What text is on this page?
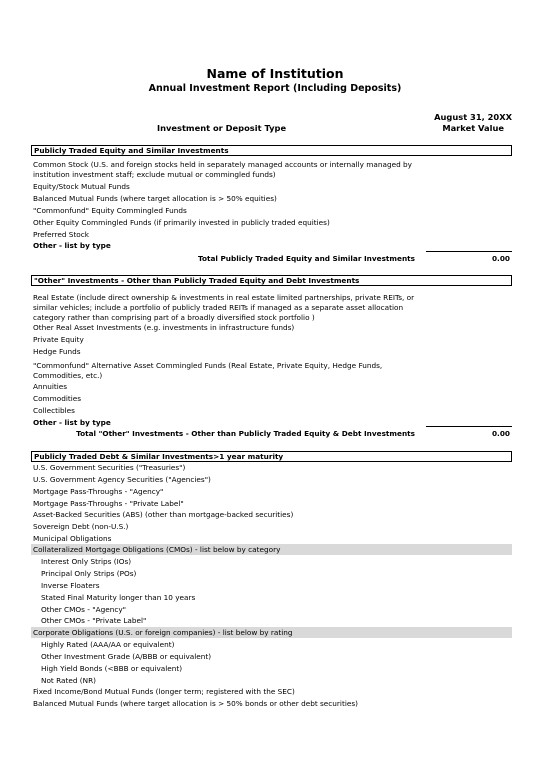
Name of Institution
Annual Investment Report (Including Deposits)
August 31, 20XX
Investment or Deposit Type	Market Value
Publicly Traded Equity and Similar Investments
Common Stock (U.S. and foreign stocks held in separately managed accounts or internally managed by institution investment staff; exclude mutual or commingled funds)
Equity/Stock Mutual Funds
Balanced Mutual Funds (where target allocation is > 50% equities)
"Commonfund" Equity Commingled Funds
Other Equity Commingled Funds (if primarily invested in publicly traded equities)
Preferred Stock
Other - list by type
Total Publicly Traded Equity and Similar Investments	0.00
"Other" Investments - Other than Publicly Traded Equity and Debt Investments
Real Estate (include direct ownership & investments in real estate limited partnerships, private REITs, or similar vehicles; include a portfolio of publicly traded REITs if managed as a separate asset allocation category rather than comprising part of a broadly diversified stock portfolio )
Other Real Asset Investments (e.g. investments in infrastructure funds)
Private Equity
Hedge Funds
"Commonfund" Alternative Asset Commingled Funds (Real Estate, Private Equity, Hedge Funds, Commodities, etc.)
Annuities
Commodities
Collectibles
Other - list by type
Total "Other" Investments - Other than Publicly Traded Equity & Debt Investments	0.00
Publicly Traded Debt & Similar Investments>1 year maturity
U.S. Government Securities ("Treasuries")
U.S. Government Agency Securities ("Agencies")
Mortgage Pass-Throughs - "Agency"
Mortgage Pass-Throughs - "Private Label"
Asset-Backed Securities (ABS) (other than mortgage-backed securities)
Sovereign Debt (non-U.S.)
Municipal Obligations
Collateralized Mortgage Obligations (CMOs) - list below by category
Interest Only Strips (IOs)
Principal Only Strips (POs)
Inverse Floaters
Stated Final Maturity longer than 10 years
Other CMOs - "Agency"
Other CMOs - "Private Label"
Corporate Obligations (U.S. or foreign companies) - list below by rating
Highly Rated (AAA/AA or equivalent)
Other Investment Grade (A/BBB or equivalent)
High Yield Bonds (<BBB or equivalent)
Not Rated (NR)
Fixed Income/Bond Mutual Funds (longer term; registered with the SEC)
Balanced Mutual Funds (where target allocation is > 50% bonds or other debt securities)
